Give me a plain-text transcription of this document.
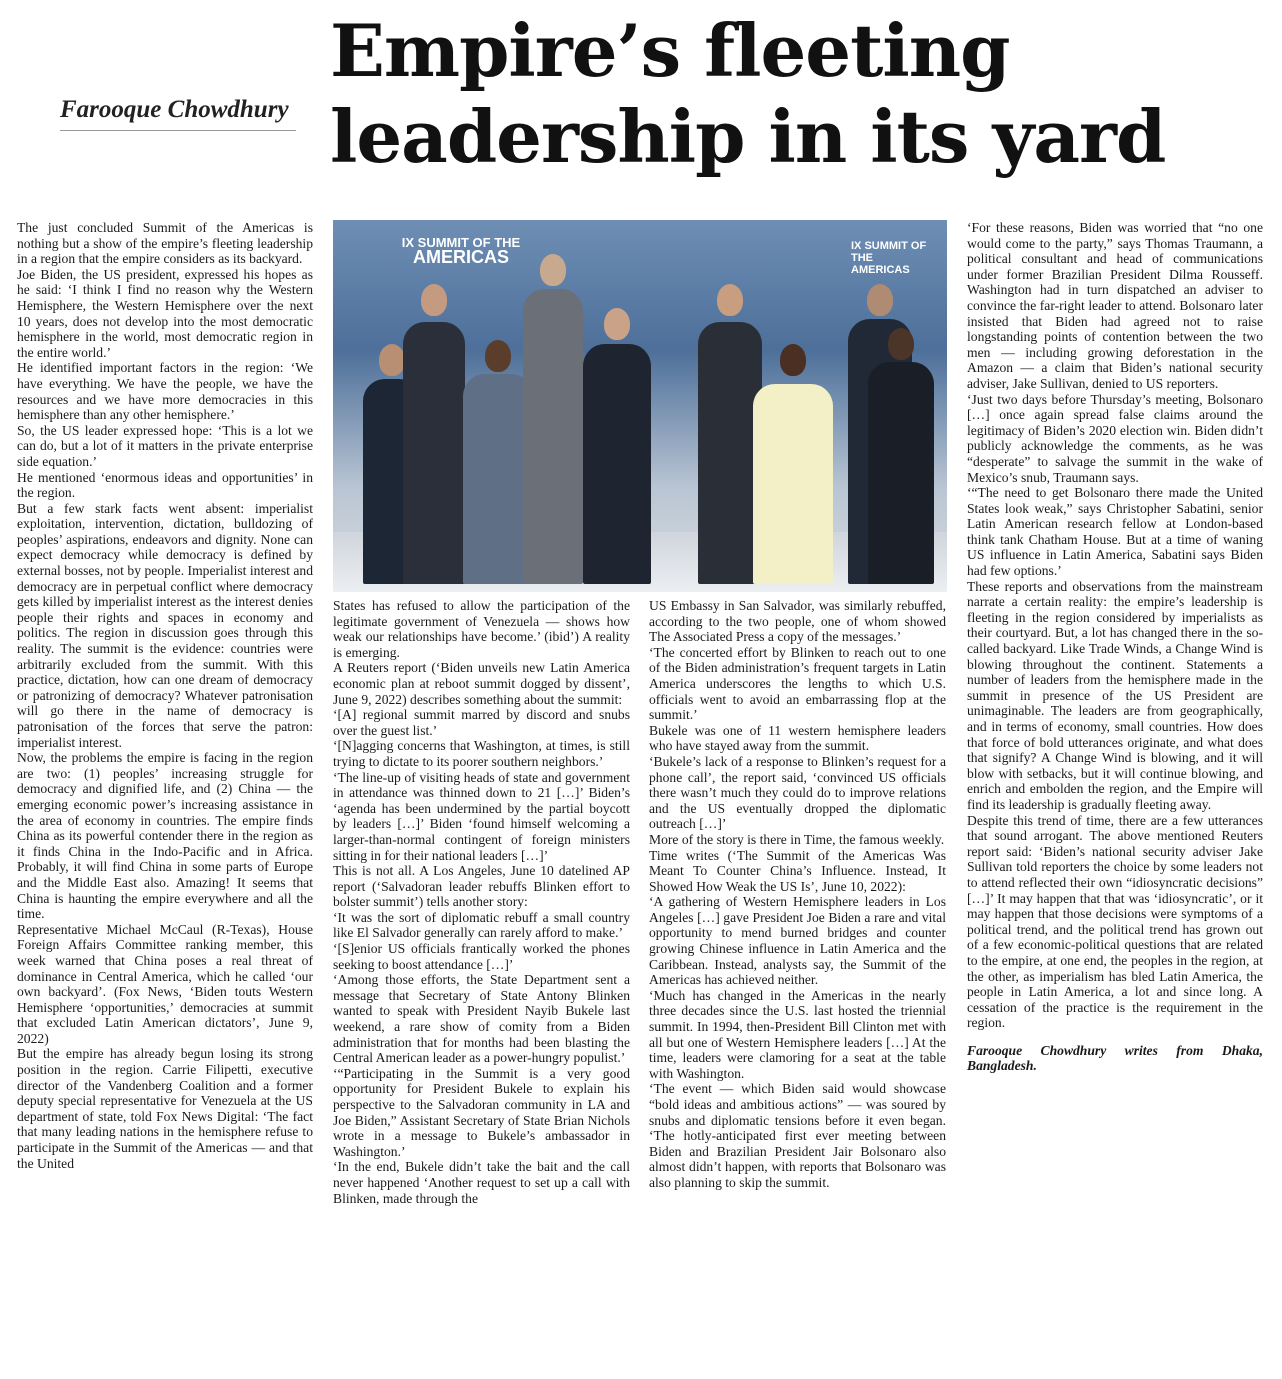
Farooque Chowdhury
Empire’s fleeting leadership in its yard

The just concluded Summit of the Americas is nothing but a show of the empire’s fleeting leadership in a region that the empire considers as its backyard.

Joe Biden, the US president, expressed his hopes as he said: ‘I think I find no reason why the Western Hemisphere, the Western Hemisphere over the next 10 years, does not develop into the most democratic hemisphere in the world, most democratic region in the entire world.’

He identified important factors in the region: ‘We have everything. We have the people, we have the resources and we have more democracies in this hemisphere than any other hemisphere.’

So, the US leader expressed hope: ‘This is a lot we can do, but a lot of it matters in the private enterprise side equation.’

He mentioned ‘enormous ideas and opportunities’ in the region.

But a few stark facts went absent: imperialist exploitation, intervention, dictation, bulldozing of peoples’ aspirations, endeavors and dignity. None can expect democracy while democracy is defined by external bosses, not by people. Imperialist interest and democracy are in perpetual conflict where democracy gets killed by imperialist interest as the interest denies people their rights and spaces in economy and politics. The region in discussion goes through this reality. The summit is the evidence: countries were arbitrarily excluded from the summit. With this practice, dictation, how can one dream of democracy or patronizing of democracy? Whatever patronisation will go there in the name of democracy is patronisation of the forces that serve the patron: imperialist interest.

Now, the problems the empire is facing in the region are two: (1) peoples’ increasing struggle for democracy and dignified life, and (2) China — the emerging economic power’s increasing assistance in the area of economy in countries. The empire finds China as its powerful contender there in the region as it finds China in the Indo-Pacific and in Africa. Probably, it will find China in some parts of Europe and the Middle East also. Amazing! It seems that China is haunting the empire everywhere and all the time.

Representative Michael McCaul (R-Texas), House Foreign Affairs Committee ranking member, this week warned that China poses a real threat of dominance in Central America, which he called ‘our own backyard’. (Fox News, ‘Biden touts Western Hemisphere ‘opportunities,’ democracies at summit that excluded Latin American dictators’, June 9, 2022)

But the empire has already begun losing its strong position in the region. Carrie Filipetti, executive director of the Vandenberg Coalition and a former deputy special representative for Venezuela at the US department of state, told Fox News Digital: ‘The fact that many leading nations in the hemisphere refuse to participate in the Summit of the Americas — and that the United

IX SUMMIT OF THE
AMERICAS
IX SUMMIT OF THE AMERICAS

States has refused to allow the participation of the legitimate government of Venezuela — shows how weak our relationships have become.’ (ibid’) A reality is emerging.

A Reuters report (‘Biden unveils new Latin America economic plan at reboot summit dogged by dissent’, June 9, 2022) describes something about the summit:

‘[A] regional summit marred by discord and snubs over the guest list.’

‘[N]agging concerns that Washington, at times, is still trying to dictate to its poorer southern neighbors.’

‘The line-up of visiting heads of state and government in attendance was thinned down to 21 […]’ Biden’s ‘agenda has been undermined by the partial boycott by leaders […]’ Biden ‘found himself welcoming a larger-than-normal contingent of foreign ministers sitting in for their national leaders […]’

This is not all. A Los Angeles, June 10 datelined AP report (‘Salvadoran leader rebuffs Blinken effort to bolster summit’) tells another story:

‘It was the sort of diplomatic rebuff a small country like El Salvador generally can rarely afford to make.’

‘[S]enior US officials frantically worked the phones seeking to boost attendance […]’

‘Among those efforts, the State Department sent a message that Secretary of State Antony Blinken wanted to speak with President Nayib Bukele last weekend, a rare show of comity from a Biden administration that for months had been blasting the Central American leader as a power-hungry populist.’

‘“Participating in the Summit is a very good opportunity for President Bukele to explain his perspective to the Salvadoran community in LA and Joe Biden,” Assistant Secretary of State Brian Nichols wrote in a message to Bukele’s ambassador in Washington.’

‘In the end, Bukele didn’t take the bait and the call never happened ‘Another request to set up a call with Blinken, made through the

US Embassy in San Salvador, was similarly rebuffed, according to the two people, one of whom showed The Associated Press a copy of the messages.’

‘The concerted effort by Blinken to reach out to one of the Biden administration’s frequent targets in Latin America underscores the lengths to which U.S. officials went to avoid an embarrassing flop at the summit.’

Bukele was one of 11 western hemisphere leaders who have stayed away from the summit.

‘Bukele’s lack of a response to Blinken’s request for a phone call’, the report said, ‘convinced US officials there wasn’t much they could do to improve relations and the US eventually dropped the diplomatic outreach […]’

More of the story is there in Time, the famous weekly.

Time writes (‘The Summit of the Americas Was Meant To Counter China’s Influence. Instead, It Showed How Weak the US Is’, June 10, 2022):

‘A gathering of Western Hemisphere leaders in Los Angeles […] gave President Joe Biden a rare and vital opportunity to mend burned bridges and counter growing Chinese influence in Latin America and the Caribbean. Instead, analysts say, the Summit of the Americas has achieved neither.

‘Much has changed in the Americas in the nearly three decades since the U.S. last hosted the triennial summit. In 1994, then-President Bill Clinton met with all but one of Western Hemisphere leaders […] At the time, leaders were clamoring for a seat at the table with Washington.

‘The event — which Biden said would showcase “bold ideas and ambitious actions” — was soured by snubs and diplomatic tensions before it even began. ‘The hotly-anticipated first ever meeting between Biden and Brazilian President Jair Bolsonaro also almost didn’t happen, with reports that Bolsonaro was also planning to skip the summit.

‘For these reasons, Biden was worried that “no one would come to the party,” says Thomas Traumann, a political consultant and head of communications under former Brazilian President Dilma Rousseff. Washington had in turn dispatched an adviser to convince the far-right leader to attend. Bolsonaro later insisted that Biden had agreed not to raise longstanding points of contention between the two men — including growing deforestation in the Amazon — a claim that Biden’s national security adviser, Jake Sullivan, denied to US reporters.

‘Just two days before Thursday’s meeting, Bolsonaro […] once again spread false claims around the legitimacy of Biden’s 2020 election win. Biden didn’t publicly acknowledge the comments, as he was “desperate” to salvage the summit in the wake of Mexico’s snub, Traumann says.

‘“The need to get Bolsonaro there made the United States look weak,” says Christopher Sabatini, senior Latin American research fellow at London-based think tank Chatham House. But at a time of waning US influence in Latin America, Sabatini says Biden had few options.’

These reports and observations from the mainstream narrate a certain reality: the empire’s leadership is fleeting in the region considered by imperialists as their courtyard. But, a lot has changed there in the so-called backyard. Like Trade Winds, a Change Wind is blowing throughout the continent. Statements a number of leaders from the hemisphere made in the summit in presence of the US President are unimaginable. The leaders are from geographically, and in terms of economy, small countries. How does that force of bold utterances originate, and what does that signify? A Change Wind is blowing, and it will blow with setbacks, but it will continue blowing, and enrich and embolden the region, and the Empire will find its leadership is gradually fleeting away.

Despite this trend of time, there are a few utterances that sound arrogant. The above mentioned Reuters report said: ‘Biden’s national security adviser Jake Sullivan told reporters the choice by some leaders not to attend reflected their own “idiosyncratic decisions” […]’ It may happen that that was ‘idiosyncratic’, or it may happen that those decisions were symptoms of a political trend, and the political trend has grown out of a few economic-political questions that are related to the empire, at one end, the peoples in the region, at the other, as imperialism has bled Latin America, the people in Latin America, a lot and since long. A cessation of the practice is the requirement in the region.

Farooque Chowdhury writes from Dhaka, Bangladesh.
